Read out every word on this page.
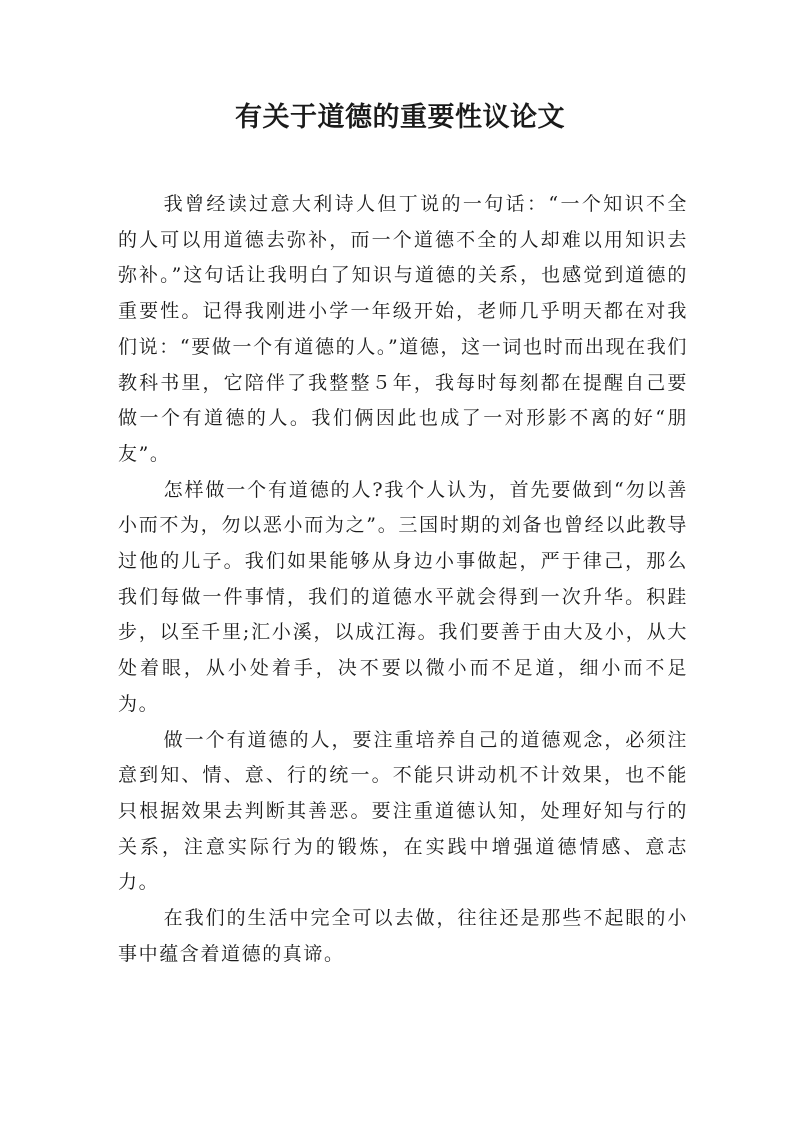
有关于道德的重要性议论文

我曾经读过意大利诗人但丁说的一句话：“一个知识不全的人可以用道德去弥补，而一个道德不全的人却难以用知识去弥补。”这句话让我明白了知识与道德的关系，也感觉到道德的重要性。记得我刚进小学一年级开始，老师几乎明天都在对我们说：“要做一个有道德的人。”道德，这一词也时而出现在我们教科书里，它陪伴了我整整５年，我每时每刻都在提醒自己要做一个有道德的人。我们俩因此也成了一对形影不离的好“朋友”。

怎样做一个有道德的人?我个人认为，首先要做到“勿以善小而不为，勿以恶小而为之”。三国时期的刘备也曾经以此教导过他的儿子。我们如果能够从身边小事做起，严于律己，那么我们每做一件事情，我们的道德水平就会得到一次升华。积跬步，以至千里;汇小溪，以成江海。我们要善于由大及小，从大处着眼，从小处着手，决不要以微小而不足道，细小而不足为。

做一个有道德的人，要注重培养自己的道德观念，必须注意到知、情、意、行的统一。不能只讲动机不计效果，也不能只根据效果去判断其善恶。要注重道德认知，处理好知与行的关系，注意实际行为的锻炼，在实践中增强道德情感、意志力。

在我们的生活中完全可以去做，往往还是那些不起眼的小事中蕴含着道德的真谛。
